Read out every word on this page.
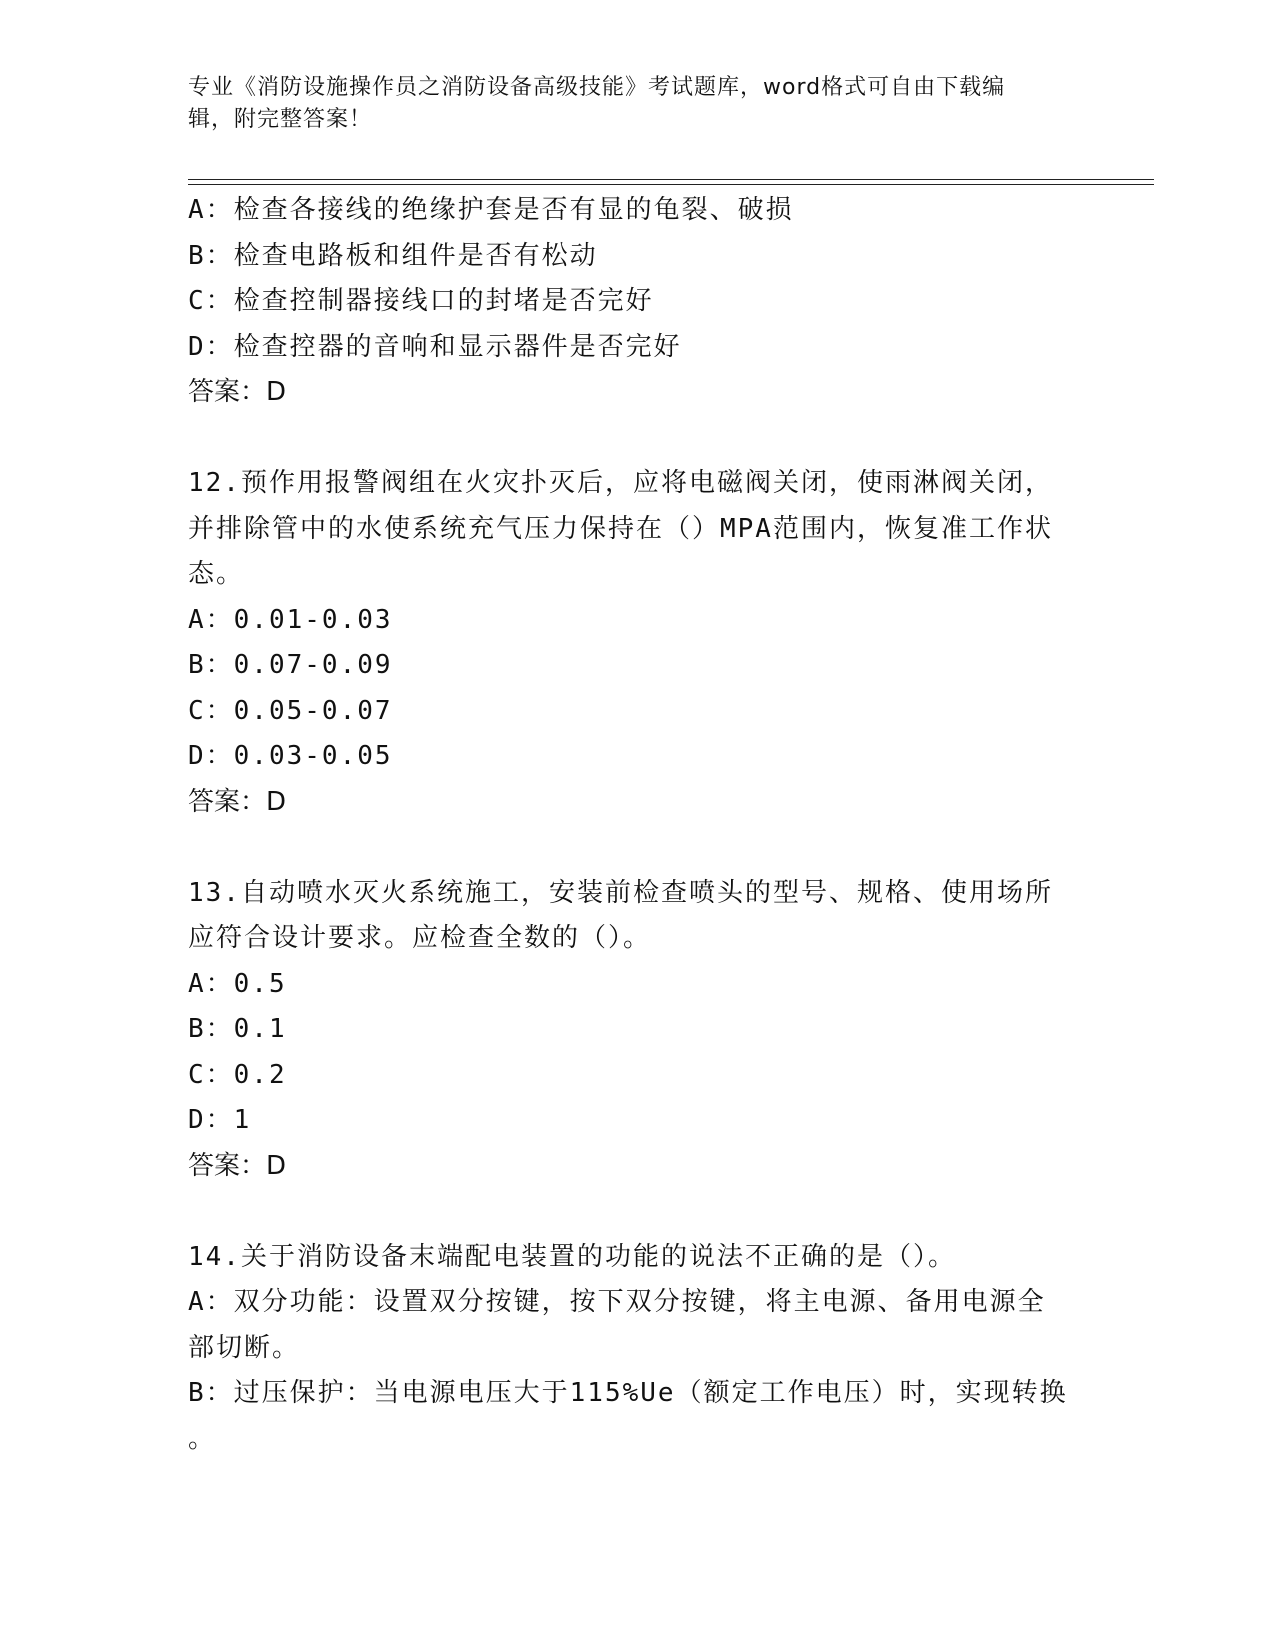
专业《消防设施操作员之消防设备高级技能》考试题库，word格式可自由下载编
辑，附完整答案！
A：检查各接线的绝缘护套是否有显的龟裂、破损
B：检查电路板和组件是否有松动
C：检查控制器接线口的封堵是否完好
D：检查控器的音响和显示器件是否完好
答案：D
12.预作用报警阀组在火灾扑灭后，应将电磁阀关闭，使雨淋阀关闭，
并排除管中的水使系统充气压力保持在（）MPA范围内，恢复准工作状
态。
A：0.01-0.03
B：0.07-0.09
C：0.05-0.07
D：0.03-0.05
答案：D
13.自动喷水灭火系统施工，安装前检查喷头的型号、规格、使用场所
应符合设计要求。应检查全数的（）。
A：0.5
B：0.1
C：0.2
D：1
答案：D
14.关于消防设备末端配电装置的功能的说法不正确的是（）。
A：双分功能：设置双分按键，按下双分按键，将主电源、备用电源全
部切断。
B：过压保护：当电源电压大于115%Ue（额定工作电压）时，实现转换
。
